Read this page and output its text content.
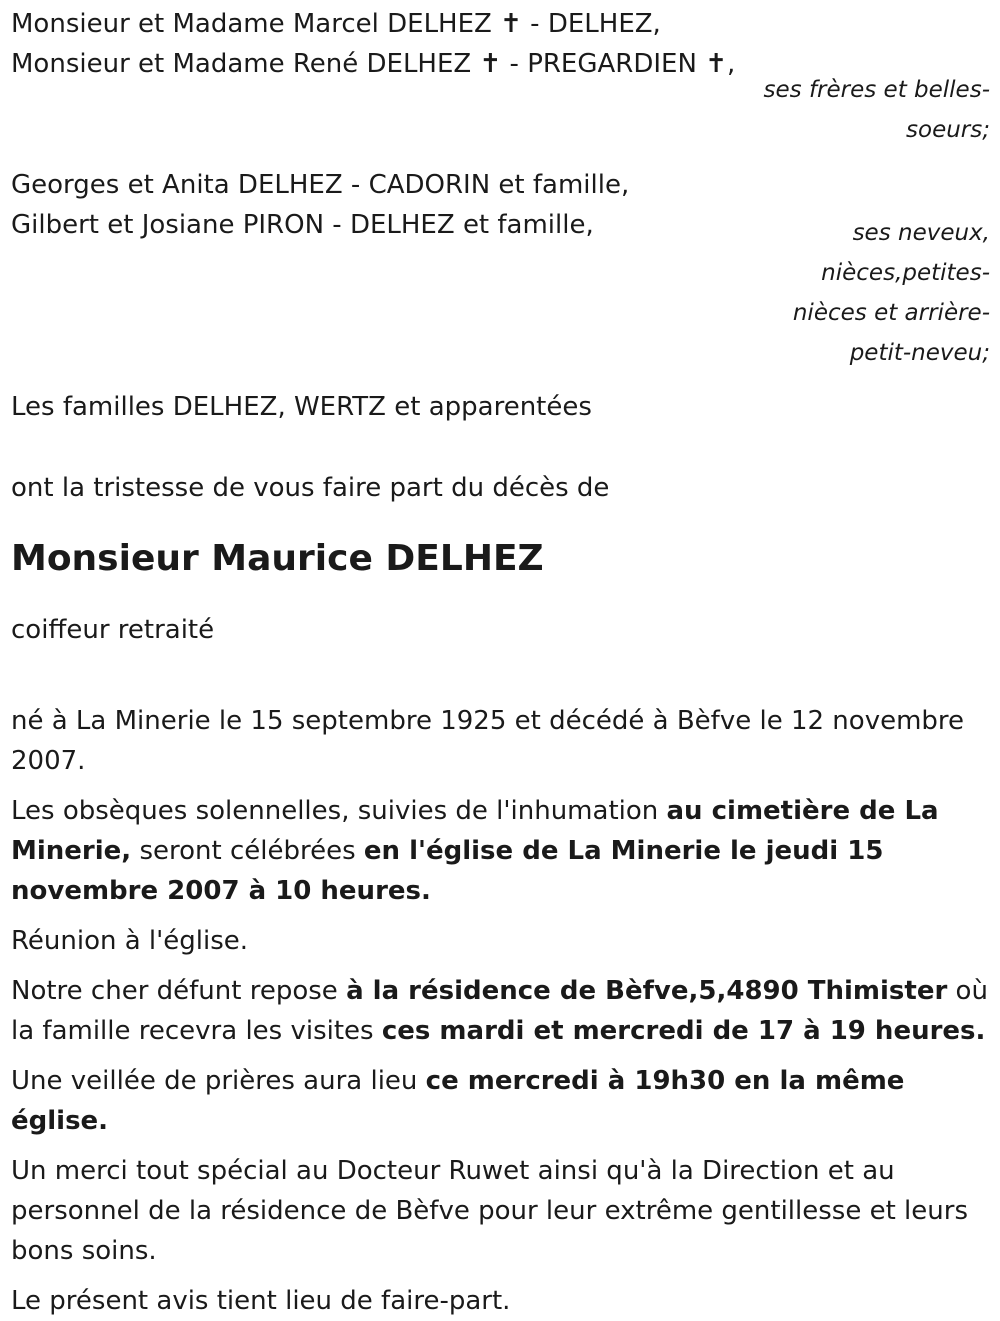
Monsieur et Madame Marcel DELHEZ ✝ - DELHEZ,
Monsieur et Madame René DELHEZ ✝ - PREGARDIEN ✝,
ses frères et belles-soeurs;
Georges et Anita DELHEZ - CADORIN et famille,
Gilbert et Josiane PIRON - DELHEZ et famille,	ses neveux, nièces,petites-nièces et arrière-petit-neveu;
Les familles DELHEZ, WERTZ et apparentées
ont la tristesse de vous faire part du décès de
Monsieur Maurice DELHEZ
coiffeur retraité
né à La Minerie le 15 septembre 1925 et décédé à Bèfve le 12 novembre 2007.
Les obsèques solennelles, suivies de l'inhumation au cimetière de La Minerie, seront célébrées en l'église de La Minerie le jeudi 15 novembre 2007 à 10 heures.
Réunion à l'église.
Notre cher défunt repose à la résidence de Bèfve,5,4890 Thimister où la famille recevra les visites ces mardi et mercredi de 17 à 19 heures.
Une veillée de prières aura lieu ce mercredi à 19h30 en la même église.
Un merci tout spécial au Docteur Ruwet ainsi qu'à la Direction et au personnel de la résidence de Bèfve pour leur extrême gentillesse et leurs bons soins.
Le présent avis tient lieu de faire-part.
